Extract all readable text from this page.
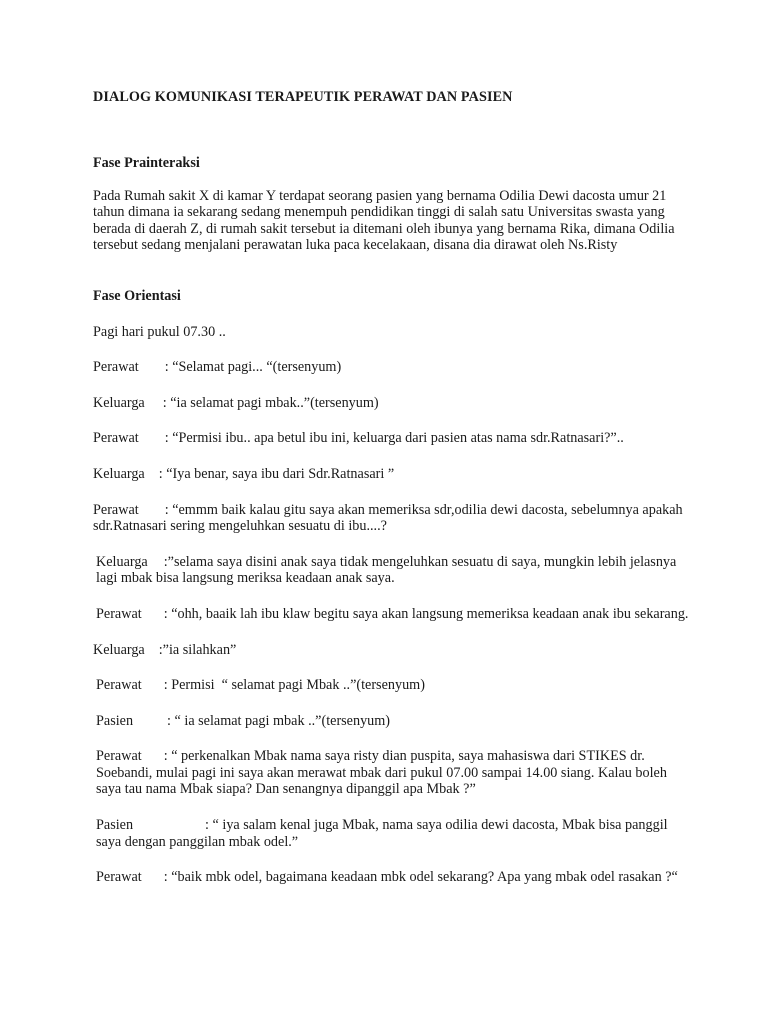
DIALOG KOMUNIKASI TERAPEUTIK PERAWAT DAN PASIEN

Fase Prainteraksi

Pada Rumah sakit X di kamar Y terdapat seorang pasien yang bernama Odilia Dewi dacosta umur 21 tahun dimana ia sekarang sedang menempuh pendidikan tinggi di salah satu Universitas swasta yang berada di daerah Z, di rumah sakit tersebut ia ditemani oleh ibunya yang bernama Rika, dimana Odilia tersebut sedang menjalani perawatan luka paca kecelakaan, disana dia dirawat oleh Ns.Risty

Fase Orientasi

Pagi hari pukul 07.30 ..

Perawat : “Selamat pagi... “(tersenyum)

Keluarga : “ia selamat pagi mbak..”(tersenyum)

Perawat : “Permisi ibu.. apa betul ibu ini, keluarga dari pasien atas nama sdr.Ratnasari?”..

Keluarga : “Iya benar, saya ibu dari Sdr.Ratnasari ”

Perawat : “emmm baik kalau gitu saya akan memeriksa sdr,odilia dewi dacosta, sebelumnya apakah sdr.Ratnasari sering mengeluhkan sesuatu di ibu....?

Keluarga :”selama saya disini anak saya tidak mengeluhkan sesuatu di saya, mungkin lebih jelasnya lagi mbak bisa langsung meriksa keadaan anak saya.

Perawat : “ohh, baaik lah ibu klaw begitu saya akan langsung memeriksa keadaan anak ibu sekarang.

Keluarga :”ia silahkan”

Perawat : Permisi  “ selamat pagi Mbak ..”(tersenyum)

Pasien : “ ia selamat pagi mbak ..”(tersenyum)

Perawat : “ perkenalkan Mbak nama saya risty dian puspita, saya mahasiswa dari STIKES dr. Soebandi, mulai pagi ini saya akan merawat mbak dari pukul 07.00 sampai 14.00 siang. Kalau boleh saya tau nama Mbak siapa? Dan senangnya dipanggil apa Mbak ?”

Pasien	: “ iya salam kenal juga Mbak, nama saya odilia dewi dacosta, Mbak bisa panggil saya dengan panggilan mbak odel.”

Perawat : “baik mbk odel, bagaimana keadaan mbk odel sekarang? Apa yang mbak odel rasakan ?“
